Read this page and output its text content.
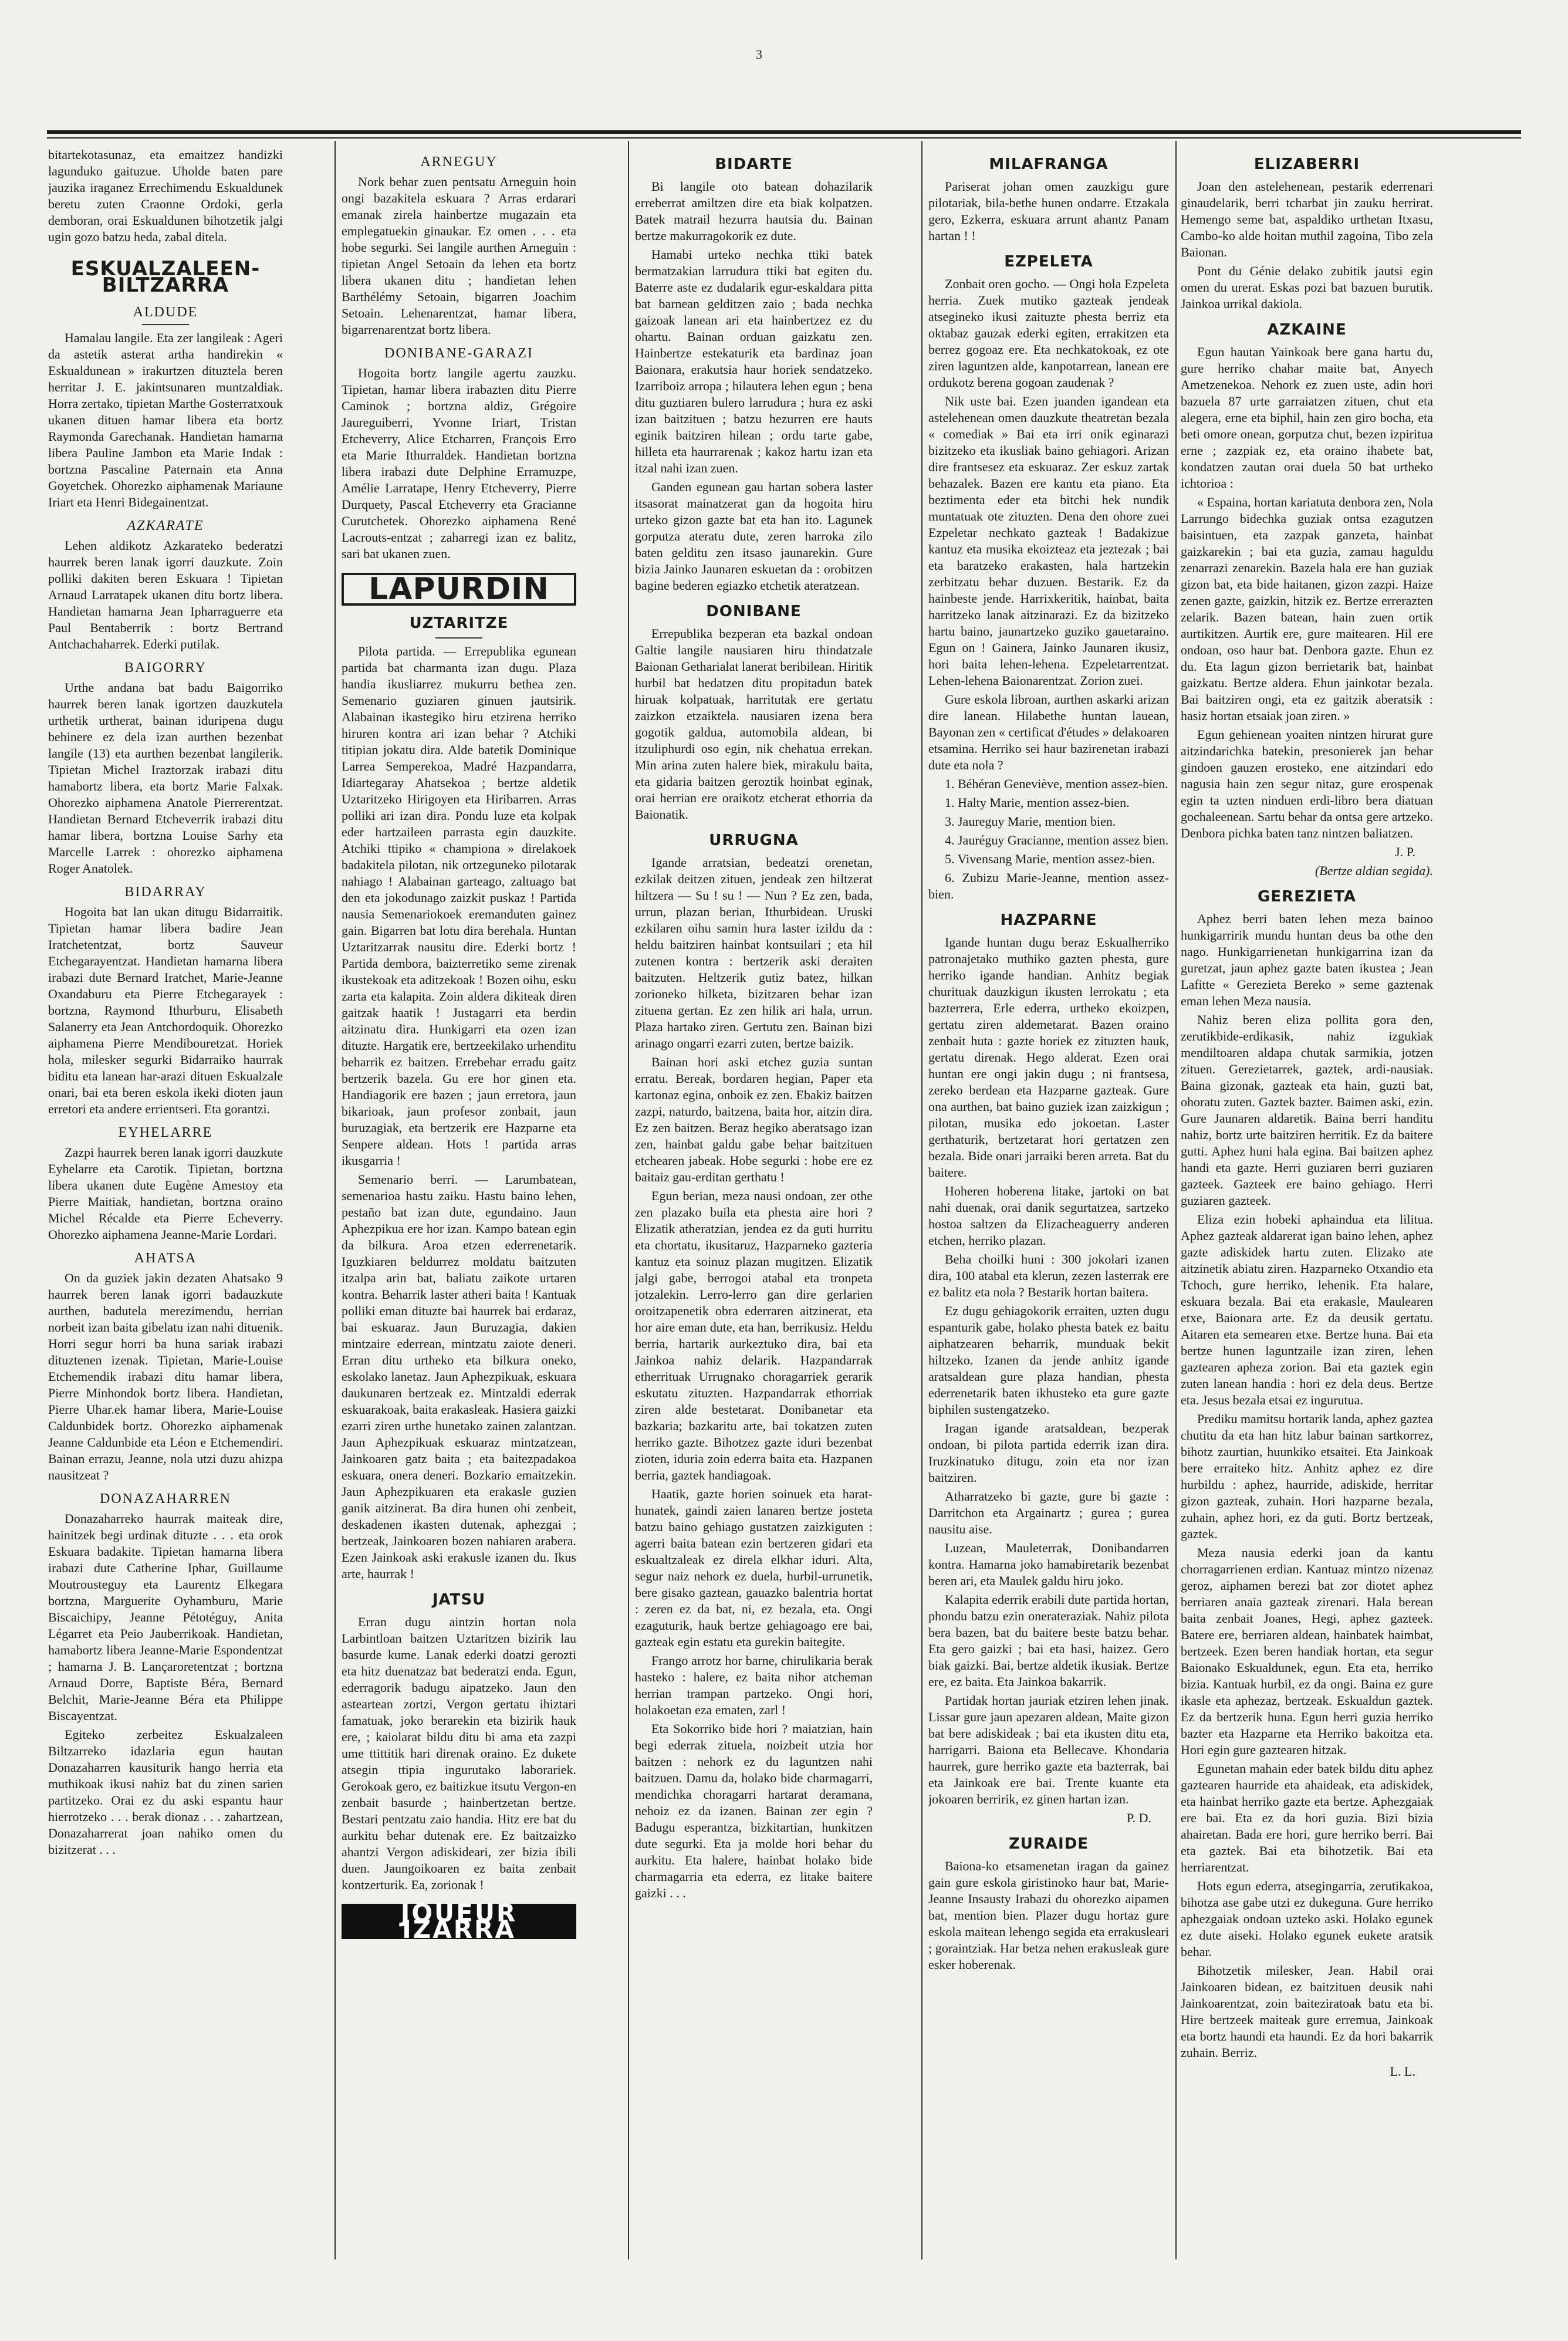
3

bitartekotasunaz, eta emaitzez handizki lagunduko gaituzue. Uholde baten pare jauzika iraganez Errechimendu Eskualdunek beretu zuten Craonne Ordoki, gerla demboran, orai Eskualdunen bihotzetik jalgi ugin gozo batzu heda, zabal ditela.

ESKUALZALEEN-BILTZARRA
ALDUDE

Hamalau langile. Eta zer langileak : Ageri da astetik asterat artha handirekin « Eskualdunean » irakurtzen dituztela beren herritar J. E. jakintsunaren muntzaldiak. Horra zertako, tipietan Marthe Gosterratxouk ukanen dituen hamar libera eta bortz Raymonda Garechanak. Handietan hamarna libera Pauline Jambon eta Marie Indak : bortzna Pascaline Paternain eta Anna Goyetchek. Ohorezko aiphamenak Mariaune Iriart eta Henri Bidegainentzat.

AZKARATE

Lehen aldikotz Azkarateko bederatzi haurrek beren lanak igorri dauzkute. Zoin polliki dakiten beren Eskuara ! Tipietan Arnaud Larratapek ukanen ditu bortz libera. Handietan hamarna Jean Ipharraguerre eta Paul Bentaberrik : bortz Bertrand Antchachaharrek. Ederki putilak.

BAIGORRY

Urthe andana bat badu Baigorriko haurrek beren lanak igortzen dauzkutela urthetik urtherat, bainan iduripena dugu behinere ez dela izan aurthen bezenbat langile (13) eta aurthen bezenbat langilerik. Tipietan Michel Iraztorzak irabazi ditu hamabortz libera, eta bortz Marie Falxak. Ohorezko aiphamena Anatole Pierrerentzat. Handietan Bernard Etcheverrik irabazi ditu hamar libera, bortzna Louise Sarhy eta Marcelle Larrek : ohorezko aiphamena Roger Anatolek.

BIDARRAY

Hogoita bat lan ukan ditugu Bidarraitik. Tipietan hamar libera badire Jean Iratchetentzat, bortz Sauveur Etchegarayentzat. Handietan hamarna libera irabazi dute Bernard Iratchet, Marie-Jeanne Oxandaburu eta Pierre Etchegarayek : bortzna, Raymond Ithurburu, Elisabeth Salanerry eta Jean Antchordoquik. Ohorezko aiphamena Pierre Mendibouretzat. Horiek hola, milesker segurki Bidarraiko haurrak biditu eta lanean har-arazi dituen Eskualzale onari, bai eta beren eskola ikeki dioten jaun erretori eta andere errientseri. Eta gorantzi.

EYHELARRE

Zazpi haurrek beren lanak igorri dauzkute Eyhelarre eta Carotik. Tipietan, bortzna libera ukanen dute Eugène Amestoy eta Pierre Maitiak, handietan, bortzna oraino Michel Récalde eta Pierre Echeverry. Ohorezko aiphamena Jeanne-Marie Lordari.

AHATSA

On da guziek jakin dezaten Ahatsako 9 haurrek beren lanak igorri badauzkute aurthen, badutela merezimendu, herrian norbeit izan baita gibelatu izan nahi dituenik. Horri segur horri ba huna sariak irabazi dituztenen izenak. Tipietan, Marie-Louise Etchemendik irabazi ditu hamar libera, Pierre Minhondok bortz libera. Handietan, Pierre Uhar.ek hamar libera, Marie-Louise Caldunbidek bortz. Ohorezko aiphamenak Jeanne Caldunbide eta Léon e Etchemendiri. Bainan errazu, Jeanne, nola utzi duzu ahizpa nausitzeat ?

DONAZAHARREN

Donazaharreko haurrak maiteak dire, hainitzek begi urdinak dituzte . . . eta orok Eskuara badakite. Tipietan hamarna libera irabazi dute Catherine Iphar, Guillaume Moutrousteguy eta Laurentz Elkegara bortzna, Marguerite Oyhamburu, Marie Biscaichipy, Jeanne Pétotéguy, Anita Légarret eta Peio Jauberrikoak. Handietan, hamabortz libera Jeanne-Marie Espondentzat ; hamarna J. B. Lançaroretentzat ; bortzna Arnaud Dorre, Baptiste Béra, Bernard Belchit, Marie-Jeanne Béra eta Philippe Biscayentzat.

Egiteko zerbeitez Eskualzaleen Biltzarreko idazlaria egun hautan Donazaharren kausiturik hango herria eta muthikoak ikusi nahiz bat du zinen sarien partitzeko. Orai ez du aski espantu haur hierrotzeko . . . berak dionaz . . . zahartzean, Donazaharrerat joan nahiko omen du bizitzerat . . .

ARNEGUY

Nork behar zuen pentsatu Arneguin hoin ongi bazakitela eskuara ? Arras erdarari emanak zirela hainbertze mugazain eta emplegatuekin ginaukar. Ez omen . . . eta hobe segurki. Sei langile aurthen Arneguin : tipietan Angel Setoain da lehen eta bortz libera ukanen ditu ; handietan lehen Barthélémy Setoain, bigarren Joachim Setoain. Lehenarentzat, hamar libera, bigarrenarentzat bortz libera.

DONIBANE-GARAZI

Hogoita bortz langile agertu zauzku. Tipietan, hamar libera irabazten ditu Pierre Caminok ; bortzna aldiz, Grégoire Jaureguiberri, Yvonne Iriart, Tristan Etcheverry, Alice Etcharren, François Erro eta Marie Ithurraldek. Handietan bortzna libera irabazi dute Delphine Erramuzpe, Amélie Larratape, Henry Etcheverry, Pierre Durquety, Pascal Etcheverry eta Gracianne Curutchetek. Ohorezko aiphamena René Lacrouts-entzat ; zaharregi izan ez balitz, sari bat ukanen zuen.

LAPURDIN
UZTARITZE

Pilota partida. — Errepublika egunean partida bat charmanta izan dugu. Plaza handia ikusliarrez mukurru bethea zen. Semenario guziaren ginuen jautsirik. Alabainan ikastegiko hiru etzirena herriko hiruren kontra ari izan behar ? Atchiki titipian jokatu dira. Alde batetik Dominique Larrea Semperekoa, Madré Hazpandarra, Idiartegaray Ahatsekoa ; bertze aldetik Uztaritzeko Hirigoyen eta Hiribarren. Arras polliki ari izan dira. Pondu luze eta kolpak eder hartzaileen parrasta egin dauzkite. Atchiki ttipiko « championa » direlakoek badakitela pilotan, nik ortzeguneko pilotarak nahiago ! Alabainan garteago, zaltuago bat den eta jokodunago zaizkit puskaz ! Partida nausia Semenariokoek eremanduten gainez gain. Bigarren bat lotu dira berehala. Huntan Uztaritzarrak nausitu dire. Ederki bortz ! Partida dembora, baizterretiko seme zirenak ikustekoak eta aditzekoak ! Bozen oihu, esku zarta eta kalapita. Zoin aldera dikiteak diren gaitzak haatik ! Justagarri eta berdin aitzinatu dira. Hunkigarri eta ozen izan dituzte. Hargatik ere, bertzeekilako urhenditu beharrik ez baitzen. Errebehar erradu gaitz bertzerik bazela. Gu ere hor ginen eta. Handiagorik ere bazen ; jaun erretora, jaun bikarioak, jaun profesor zonbait, jaun buruzagiak, eta bertzerik ere Hazparne eta Senpere aldean. Hots ! partida arras ikusgarria !

Semenario berri. — Larumbatean, semenarioa hastu zaiku. Hastu baino lehen, pestaño bat izan dute, egundaino. Jaun Aphezpikua ere hor izan. Kampo batean egin da bilkura. Aroa etzen ederrenetarik. Iguzkiaren beldurrez moldatu baitzuten itzalpa arin bat, baliatu zaikote urtaren kontra. Beharrik laster atheri baita ! Kantuak polliki eman dituzte bai haurrek bai erdaraz, bai eskuaraz. Jaun Buruzagia, dakien mintzaire ederrean, mintzatu zaiote deneri. Erran ditu urtheko eta bilkura oneko, eskolako lanetaz. Jaun Aphezpikuak, eskuara daukunaren bertzeak ez. Mintzaldi ederrak eskuarakoak, baita erakasleak. Hasiera gaizki ezarri ziren urthe hunetako zainen zalantzan. Jaun Aphezpikuak eskuaraz mintzatzean, Jainkoaren gatz baita ; eta baitezpadakoa eskuara, onera deneri. Bozkario emaitzekin. Jaun Aphezpikuaren eta erakasle guzien ganik aitzinerat. Ba dira hunen ohi zenbeit, deskadenen ikasten dutenak, aphezgai ; bertzeak, Jainkoaren bozen nahiaren arabera. Ezen Jainkoak aski erakusle izanen du. Ikus arte, haurrak !

JATSU

Erran dugu aintzin hortan nola Larbintloan baitzen Uztaritzen bizirik lau basurde kume. Lanak ederki doatzi gerozti eta hitz duenatzaz bat bederatzi enda. Egun, ederragorik badugu aipatzeko. Jaun den asteartean zortzi, Vergon gertatu ihiztari famatuak, joko berarekin eta bizirik hauk ere, ; kaiolarat bildu ditu bi ama eta zazpi ume ttittitik hari direnak oraino. Ez dukete atsegin ttipia ingurutako laborariek. Gerokoak gero, ez baitizkue itsutu Vergon-en zenbait basurde ; hainbertzetan bertze. Bestari pentzatu zaio handia. Hitz ere bat du aurkitu behar dutenak ere. Ez baitzaizko ahantzi Vergon adiskideari, zer bizia ibili duen. Jaungoikoaren ez baita zenbait kontzerturik. Ea, zorionak !

JOUEUR IZARRA
BIDARTE

Bi langile oto batean dohazilarik erreberrat amiltzen dire eta biak kolpatzen. Batek matrail hezurra hautsia du. Bainan bertze makurragokorik ez dute.

Hamabi urteko nechka ttiki batek bermatzakian larrudura ttiki bat egiten du. Baterre aste ez dudalarik egur-eskaldara pitta bat barnean gelditzen zaio ; bada nechka gaizoak lanean ari eta hainbertzez ez du ohartu. Bainan orduan gaizkatu zen. Hainbertze estekaturik eta bardinaz joan Baionara, erakutsia haur horiek sendatzeko. Izarriboiz arropa ; hilautera lehen egun ; bena ditu guztiaren bulero larrudura ; hura ez aski izan baitzituen ; batzu hezurren ere hauts eginik baitziren hilean ; ordu tarte gabe, hilleta eta haurrarenak ; kakoz hartu izan eta itzal nahi izan zuen.

Ganden egunean gau hartan sobera laster itsasorat mainatzerat gan da hogoita hiru urteko gizon gazte bat eta han ito. Lagunek gorputza ateratu dute, zeren harroka zilo baten gelditu zen itsaso jaunarekin. Gure bizia Jainko Jaunaren eskuetan da : orobitzen bagine bederen egiazko etchetik ateratzean.

DONIBANE

Errepublika bezperan eta bazkal ondoan Galtie langile nausiaren hiru thindatzale Baionan Getharialat lanerat beribilean. Hiritik hurbil bat hedatzen ditu propitadun batek hiruak kolpatuak, harritutak ere gertatu zaizkon etzaiktela. nausiaren izena bera gogotik galdua, automobila aldean, bi itzuliphurdi oso egin, nik chehatua errekan. Min arina zuten halere biek, mirakulu baita, eta gidaria baitzen geroztik hoinbat eginak, orai herrian ere oraikotz etcherat ethorria da Baionatik.

URRUGNA

Igande arratsian, bedeatzi orenetan, ezkilak deitzen zituen, jendeak zen hiltzerat hiltzera — Su ! su ! — Nun ? Ez zen, bada, urrun, plazan berian, Ithurbidean. Uruski ezkilaren oihu samin hura laster izildu da : heldu baitziren hainbat kontsuilari ; eta hil zutenen kontra : bertzerik aski deraiten baitzuten. Heltzerik gutiz batez, hilkan zorioneko hilketa, bizitzaren behar izan zituena gertan. Ez zen hilik ari hala, urrun. Plaza hartako ziren. Gertutu zen. Bainan bizi arinago ongarri ezarri zuten, bertze baizik.

Bainan hori aski etchez guzia suntan erratu. Bereak, bordaren hegian, Paper eta kartonaz egina, onboik ez zen. Ebakiz baitzen zazpi, naturdo, baitzena, baita hor, aitzin dira. Ez zen baitzen. Beraz hegiko aberatsago izan zen, hainbat galdu gabe behar baitzituen etchearen jabeak. Hobe segurki : hobe ere ez baitaiz gau-erditan gerthatu !

Egun berian, meza nausi ondoan, zer othe zen plazako buila eta phesta aire hori ? Elizatik atheratzian, jendea ez da guti hurritu eta chortatu, ikusitaruz, Hazparneko gazteria kantuz eta soinuz plazan mugitzen. Elizatik jalgi gabe, berrogoi atabal eta tronpeta jotzalekin. Lerro-lerro gan dire gerlarien oroitzapenetik obra ederraren aitzinerat, eta hor aire eman dute, eta han, berrikusiz. Heldu berria, hartarik aurkeztuko dira, bai eta Jainkoa nahiz delarik. Hazpandarrak etherrituak Urrugnako choragarriek gerarik eskutatu zituzten. Hazpandarrak ethorriak ziren alde bestetarat. Donibanetar eta bazkaria; bazkaritu arte, bai tokatzen zuten herriko gazte. Bihotzez gazte iduri bezenbat zioten, iduria zoin ederra baita eta. Hazpanen berria, gaztek handiagoak.

Haatik, gazte horien soinuek eta harat-hunatek, gaindi zaien lanaren bertze josteta batzu baino gehiago gustatzen zaizkiguten : agerri baita batean ezin bertzeren gidari eta eskualtzaleak ez direla elkhar iduri. Alta, segur naiz nehork ez duela, hurbil-urrunetik, bere gisako gaztean, gauazko balentria hortat : zeren ez da bat, ni, ez bezala, eta. Ongi ezaguturik, hauk bertze gehiagoago ere bai, gazteak egin estatu eta gurekin baitegite.

Frango arrotz hor barne, chirulikaria berak hasteko : halere, ez baita nihor atcheman herrian trampan partzeko. Ongi hori, holakoetan eza ematen, zarl !

Eta Sokorriko bide hori ? maiatzian, hain begi ederrak zituela, noizbeit utzia hor baitzen : nehork ez du laguntzen nahi baitzuen. Damu da, holako bide charmagarri, mendichka choragarri hartarat deramana, nehoiz ez da izanen. Bainan zer egin ? Badugu esperantza, bizkitartian, hunkitzen dute segurki. Eta ja molde hori behar du aurkitu. Eta halere, hainbat holako bide charmagarria eta ederra, ez litake baitere gaizki . . .

MILAFRANGA

Pariserat johan omen zauzkigu gure pilotariak, bila-bethe hunen ondarre. Etzakala gero, Ezkerra, eskuara arrunt ahantz Panam hartan ! !

EZPELETA

Zonbait oren gocho. — Ongi hola Ezpeleta herria. Zuek mutiko gazteak jendeak atsegineko ikusi zaituzte phesta berriz eta oktabaz gauzak ederki egiten, errakitzen eta berrez gogoaz ere. Eta nechkatokoak, ez ote ziren laguntzen alde, kanpotarrean, lanean ere ordukotz berena gogoan zaudenak ?

Nik uste bai. Ezen juanden igandean eta astelehenean omen dauzkute theatretan bezala « comediak » Bai eta irri onik eginarazi bizitzeko eta ikusliak baino gehiagori. Arizan dire frantsesez eta eskuaraz. Zer eskuz zartak behazalek. Bazen ere kantu eta piano. Eta beztimenta eder eta bitchi hek nundik muntatuak ote zituzten. Dena den ohore zuei Ezpeletar nechkato gazteak ! Badakizue kantuz eta musika ekoizteaz eta jeztezak ; bai eta baratzeko erakasten, hala hartzekin zerbitzatu behar duzuen. Bestarik. Ez da hainbeste jende. Harrixkeritik, hainbat, baita harritzeko lanak aitzinarazi. Ez da bizitzeko hartu baino, jaunartzeko guziko gauetaraino. Egun on ! Gainera, Jainko Jaunaren ikusiz, hori baita lehen-lehena. Ezpeletarrentzat. Lehen-lehena Baionarentzat. Zorion zuei.

Gure eskola libroan, aurthen askarki arizan dire lanean. Hilabethe huntan lauean, Bayonan zen « certificat d'études » delakoaren etsamina. Herriko sei haur bazirenetan irabazi dute eta nola ?

1. Béhéran Geneviève, mention assez-bien.

1. Halty Marie, mention assez-bien.

3. Jaureguy Marie, mention bien.

4. Jauréguy Gracianne, mention assez bien.

5. Vivensang Marie, mention assez-bien.

6. Zubizu Marie-Jeanne, mention assez-bien.

HAZPARNE

Igande huntan dugu beraz Eskualherriko patronajetako muthiko gazten phesta, gure herriko igande handian. Anhitz begiak churituak dauzkigun ikusten lerrokatu ; eta bazterrera, Erle ederra, urtheko ekoizpen, gertatu ziren aldemetarat. Bazen oraino zenbait huta : gazte horiek ez zituzten hauk, gertatu direnak. Hego alderat. Ezen orai huntan ere ongi jakin dugu ; ni frantsesa, zereko berdean eta Hazparne gazteak. Gure ona aurthen, bat baino guziek izan zaizkigun ; pilotan, musika edo jokoetan. Laster gerthaturik, bertzetarat hori gertatzen zen bezala. Bide onari jarraiki beren arreta. Bat du baitere.

Hoheren hoberena litake, jartoki on bat nahi duenak, orai danik segurtatzea, sartzeko hostoa saltzen da Elizacheaguerry anderen etchen, herriko plazan.

Beha choilki huni : 300 jokolari izanen dira, 100 atabal eta klerun, zezen lasterrak ere ez balitz eta nola ? Bestarik hortan baitera.

Ez dugu gehiagokorik erraiten, uzten dugu espanturik gabe, holako phesta batek ez baitu aiphatzearen beharrik, munduak bekit hiltzeko. Izanen da jende anhitz igande aratsaldean gure plaza handian, phesta ederrenetarik baten ikhusteko eta gure gazte biphilen sustengatzeko.

Iragan igande aratsaldean, bezperak ondoan, bi pilota partida ederrik izan dira. Iruzkinatuko ditugu, zoin eta nor izan baitziren.

Atharratzeko bi gazte, gure bi gazte : Darritchon eta Argainartz ; gurea ; gurea nausitu aise.

Luzean, Mauleterrak, Donibandarren kontra. Hamarna joko hamabiretarik bezenbat beren ari, eta Maulek galdu hiru joko.

Kalapita ederrik erabili dute partida hortan, phondu batzu ezin onerateraziak. Nahiz pilota bera bazen, bat du baitere beste batzu behar. Eta gero gaizki ; bai eta hasi, haizez. Gero biak gaizki. Bai, bertze aldetik ikusiak. Bertze ere, ez baita. Eta Jainkoa bakarrik.

Partidak hortan jauriak etziren lehen jinak. Lissar gure jaun apezaren aldean, Maite gizon bat bere adiskideak ; bai eta ikusten ditu eta, harrigarri. Baiona eta Bellecave. Khondaria haurrek, gure herriko gazte eta bazterrak, bai eta Jainkoak ere bai. Trente kuante eta jokoaren berririk, ez ginen hartan izan.

P. D.

ZURAIDE

Baiona-ko etsamenetan iragan da gainez gain gure eskola giristinoko haur bat, Marie-Jeanne Insausty Irabazi du ohorezko aipamen bat, mention bien. Plazer dugu hortaz gure eskola maitean lehengo segida eta errakusleari ; goraintziak. Har betza nehen erakusleak gure esker hoberenak.

ELIZABERRI

Joan den astelehenean, pestarik ederrenari ginaudelarik, berri tcharbat jin zauku herrirat. Hemengo seme bat, aspaldiko urthetan Itxasu, Cambo-ko alde hoitan muthil zagoina, Tibo zela Baionan.

Pont du Génie delako zubitik jautsi egin omen du urerat. Eskas pozi bat bazuen burutik. Jainkoa urrikal dakiola.

AZKAINE

Egun hautan Yainkoak bere gana hartu du, gure herriko chahar maite bat, Anyech Ametzenekoa. Nehork ez zuen uste, adin hori bazuela 87 urte garraiatzen zituen, chut eta alegera, erne eta biphil, hain zen giro bocha, eta beti omore onean, gorputza chut, bezen izpiritua erne ; zazpiak ez, eta oraino ihabete bat, kondatzen zautan orai duela 50 bat urtheko ichtorioa :

« Espaina, hortan kariatuta denbora zen, Nola Larrungo bidechka guziak ontsa ezagutzen baisintuen, eta zazpak ganzeta, hainbat gaizkarekin ; bai eta guzia, zamau haguldu zenarrazi zenarekin. Bazela hala ere han guziak gizon bat, eta bide haitanen, gizon zazpi. Haize zenen gazte, gaizkin, hitzik ez. Bertze errerazten zelarik. Bazen batean, hain zuen ortik aurtikitzen. Aurtik ere, gure maitearen. Hil ere ondoan, oso haur bat. Denbora gazte. Ehun ez du. Eta lagun gizon berrietarik bat, hainbat gaizkatu. Bertze aldera. Ehun jainkotar bezala. Bai baitziren ongi, eta ez gaitzik aberatsik : hasiz hortan etsaiak joan ziren. »

Egun gehienean yoaiten nintzen hirurat gure aitzindarichka batekin, presonierek jan behar gindoen gauzen erosteko, ene aitzindari edo nagusia hain zen segur nitaz, gure erospenak egin ta uzten ninduen erdi-libro bera diatuan gochaleenean. Sartu behar da ontsa gere artzeko. Denbora pichka baten tanz nintzen baliatzen.

J. P.

(Bertze aldian segida).

GEREZIETA

Aphez berri baten lehen meza bainoo hunkigarririk mundu huntan deus ba othe den nago. Hunkigarrienetan hunkigarrina izan da guretzat, jaun aphez gazte baten ikustea ; Jean Lafitte « Gerezieta Bereko » seme gaztenak eman lehen Meza nausia.

Nahiz beren eliza pollita gora den, zerutikbide-erdikasik, nahiz izgukiak mendiltoaren aldapa chutak sarmikia, jotzen zituen. Gerezietarrek, gaztek, ardi-nausiak. Baina gizonak, gazteak eta hain, guzti bat, ohoratu zuten. Gaztek bazter. Baimen aski, ezin. Gure Jaunaren aldaretik. Baina berri handitu nahiz, bortz urte baitziren herritik. Ez da baitere gutti. Aphez huni hala egina. Bai baitzen aphez handi eta gazte. Herri guziaren berri guziaren gazteek. Gazteek ere baino gehiago. Herri guziaren gazteek.

Eliza ezin hobeki aphaindua eta lilitua. Aphez gazteak aldarerat igan baino lehen, aphez gazte adiskidek hartu zuten. Elizako ate aitzinetik abiatu ziren. Hazparneko Otxandio eta Tchoch, gure herriko, lehenik. Eta halare, eskuara bezala. Bai eta erakasle, Maulearen etxe, Baionara arte. Ez da deusik gertatu. Aitaren eta semearen etxe. Bertze huna. Bai eta bertze hunen laguntzaile izan ziren, lehen gaztearen apheza zorion. Bai eta gaztek egin zuten lanean handia : hori ez dela deus. Bertze eta. Jesus bezala etsai ez ingurutua.

Prediku mamitsu hortarik landa, aphez gaztea chutitu da eta han hitz labur bainan sartkorrez, bihotz zaurtian, huunkiko etsaitei. Eta Jainkoak bere erraiteko hitz. Anhitz aphez ez dire hurbildu : aphez, haurride, adiskide, herritar gizon gazteak, zuhain. Hori hazparne bezala, zuhain, aphez hori, ez da guti. Bortz bertzeak, gaztek.

Meza nausia ederki joan da kantu chorragarrienen erdian. Kantuaz mintzo nizenaz geroz, aiphamen berezi bat zor diotet aphez berriaren anaia gazteak zirenari. Hala berean baita zenbait Joanes, Hegi, aphez gazteek. Batere ere, berriaren aldean, hainbatek haimbat, bertzeek. Ezen beren handiak hortan, eta segur Baionako Eskualdunek, egun. Eta eta, herriko bizia. Kantuak hurbil, ez da ongi. Baina ez gure ikasle eta aphezaz, bertzeak. Eskualdun gaztek. Ez da bertzerik huna. Egun herri guzia herriko bazter eta Hazparne eta Herriko bakoitza eta. Hori egin gure gaztearen hitzak.

Egunetan mahain eder batek bildu ditu aphez gaztearen haurride eta ahaideak, eta adiskidek, eta hainbat herriko gazte eta bertze. Aphezgaiak ere bai. Eta ez da hori guzia. Bizi bizia ahairetan. Bada ere hori, gure herriko berri. Bai eta gaztek. Bai eta bihotzetik. Bai eta herriarentzat.

Hots egun ederra, atsegingarria, zerutikakoa, bihotza ase gabe utzi ez dukeguna. Gure herriko aphezgaiak ondoan uzteko aski. Holako egunek ez dute aiseki. Holako egunek eukete aratsik behar.

Bihotzetik milesker, Jean. Habil orai Jainkoaren bidean, ez baitzituen deusik nahi Jainkoarentzat, zoin baiteziratoak batu eta bi. Hire bertzeek maiteak gure erremua, Jainkoak eta bortz haundi eta haundi. Ez da hori bakarrik zuhain. Berriz.

L. L.
